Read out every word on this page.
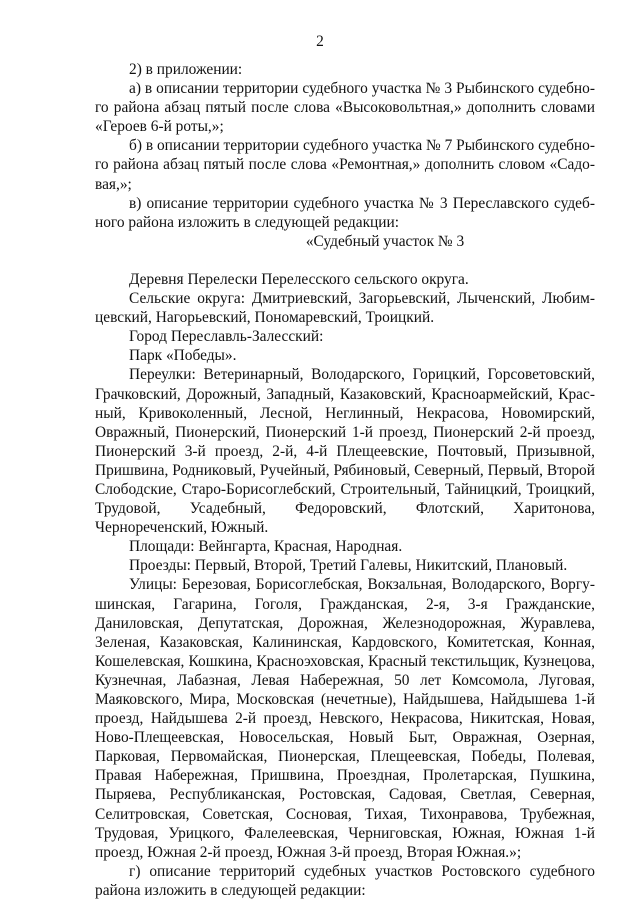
2

2) в приложении:

а) в описании территории судебного участка № 3 Рыбинского судебного района абзац пятый после слова «Высоковольтная,» дополнить словами «Героев 6-й роты,»;

б) в описании территории судебного участка № 7 Рыбинского судебного района абзац пятый после слова «Ремонтная,» дополнить словом «Садовая,»;

в) описание территории судебного участка № 3 Переславского судебного района изложить в следующей редакции:

«Судебный участок № 3

Деревня Перелески Перелесского сельского округа.

Сельские округа: Дмитриевский, Загорьевский, Лыченский, Любимцевский, Нагорьевский, Пономаревский, Троицкий.

Город Переславль-Залесский:

Парк «Победы».

Переулки: Ветеринарный, Володарского, Горицкий, Горсоветовский, Грачковский, Дорожный, Западный, Казаковский, Красноармейский, Красный, Кривоколенный, Лесной, Неглинный, Некрасова, Новомирский, Овражный, Пионерский, Пионерский 1-й проезд, Пионерский 2-й проезд, Пионерский 3-й проезд, 2-й, 4-й Плещеевские, Почтовый, Призывной, Пришвина, Родниковый, Ручейный, Рябиновый, Северный, Первый, Второй Слободские, Старо-Борисоглебский, Строительный, Тайницкий, Троицкий, Трудовой, Усадебный, Федоровский, Флотский, Харитонова, Чернореченский, Южный.

Площади: Вейнгарта, Красная, Народная.

Проезды: Первый, Второй, Третий Галевы, Никитский, Плановый.

Улицы: Березовая, Борисоглебская, Вокзальная, Володарского, Воргушинская, Гагарина, Гоголя, Гражданская, 2-я, 3-я Гражданские, Даниловская, Депутатская, Дорожная, Железнодорожная, Журавлева, Зеленая, Казаковская, Калининская, Кардовского, Комитетская, Конная, Кошелевская, Кошкина, Красноэховская, Красный текстильщик, Кузнецова, Кузнечная, Лабазная, Левая Набережная, 50 лет Комсомола, Луговая, Маяковского, Мира, Московская (нечетные), Найдышева, Найдышева 1-й проезд, Найдышева 2-й проезд, Невского, Некрасова, Никитская, Новая, Ново-Плещеевская, Новосельская, Новый Быт, Овражная, Озерная, Парковая, Первомайская, Пионерская, Плещеевская, Победы, Полевая, Правая Набережная, Пришвина, Проездная, Пролетарская, Пушкина, Пыряева, Республиканская, Ростовская, Садовая, Светлая, Северная, Селитровская, Советская, Сосновая, Тихая, Тихонравова, Трубежная, Трудовая, Урицкого, Фалелеевская, Черниговская, Южная, Южная 1-й проезд, Южная 2-й проезд, Южная 3-й проезд, Вторая Южная.»;

г) описание территорий судебных участков Ростовского судебного района изложить в следующей редакции:
